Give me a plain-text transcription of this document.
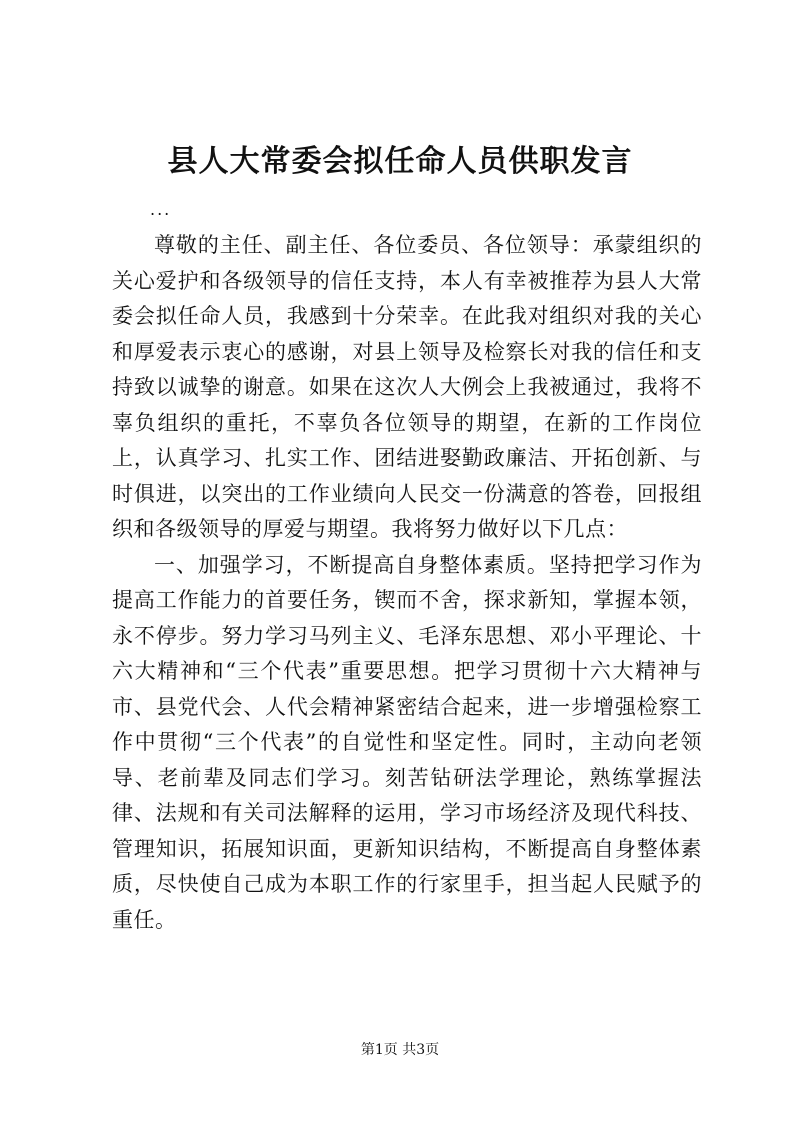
县人大常委会拟任命人员供职发言
...

尊敬的主任、副主任、各位委员、各位领导：承蒙组织的关心爱护和各级领导的信任支持，本人有幸被推荐为县人大常委会拟任命人员，我感到十分荣幸。在此我对组织对我的关心和厚爱表示衷心的感谢，对县上领导及检察长对我的信任和支持致以诚挚的谢意。如果在这次人大例会上我被通过，我将不辜负组织的重托，不辜负各位领导的期望，在新的工作岗位上，认真学习、扎实工作、团结进娶勤政廉洁、开拓创新、与时俱进，以突出的工作业绩向人民交一份满意的答卷，回报组织和各级领导的厚爱与期望。我将努力做好以下几点：

一、加强学习，不断提高自身整体素质。坚持把学习作为提高工作能力的首要任务，锲而不舍，探求新知，掌握本领，永不停步。努力学习马列主义、毛泽东思想、邓小平理论、十六大精神和“三个代表”重要思想。把学习贯彻十六大精神与市、县党代会、人代会精神紧密结合起来，进一步增强检察工作中贯彻“三个代表”的自觉性和坚定性。同时，主动向老领导、老前辈及同志们学习。刻苦钻研法学理论，熟练掌握法律、法规和有关司法解释的运用，学习市场经济及现代科技、管理知识，拓展知识面，更新知识结构，不断提高自身整体素质，尽快使自己成为本职工作的行家里手，担当起人民赋予的重任。

第1页 共3页
